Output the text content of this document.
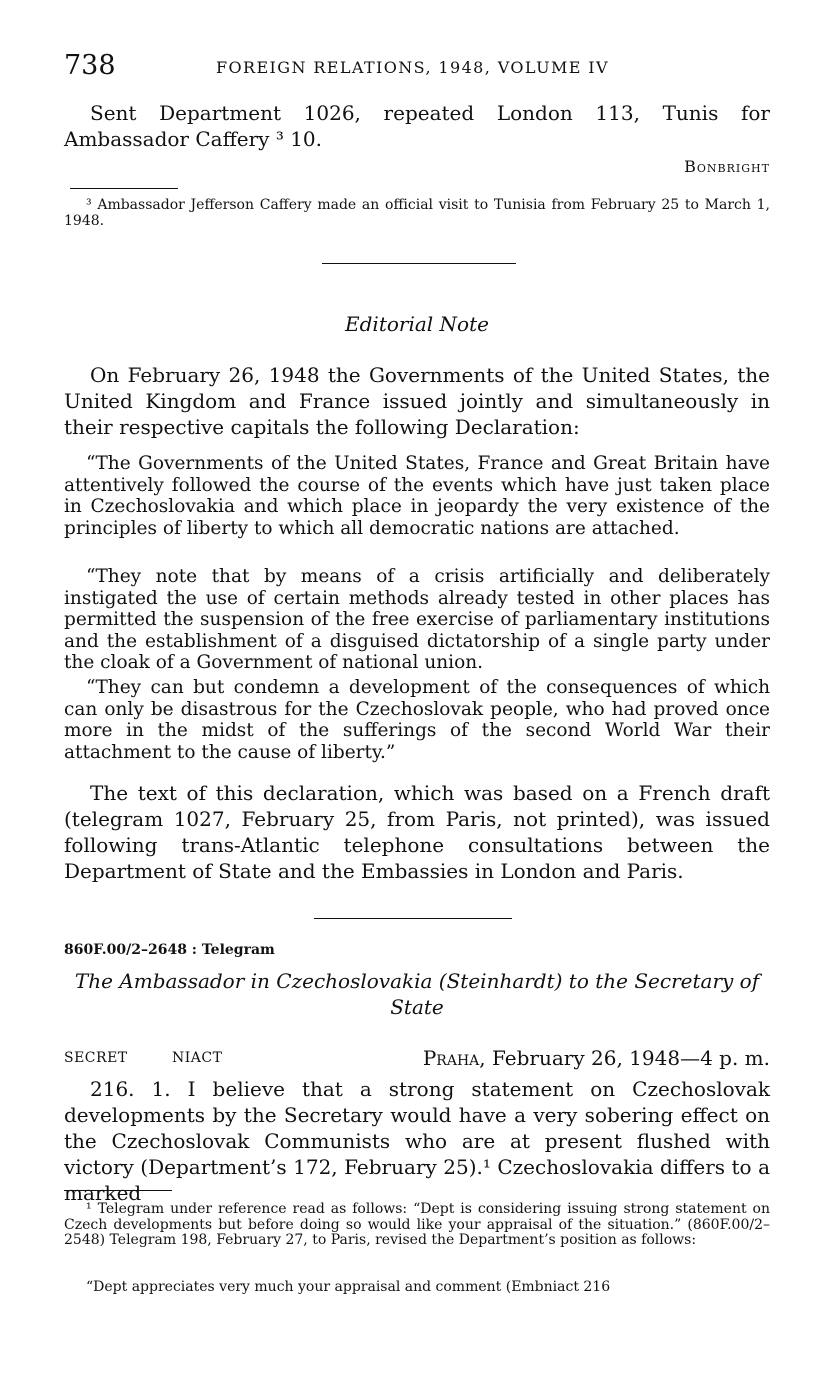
738	FOREIGN RELATIONS, 1948, VOLUME IV

Sent Department 1026, repeated London 113, Tunis for Ambassador Caffery ³ 10.

Bonbright

³ Ambassador Jefferson Caffery made an official visit to Tunisia from February 25 to March 1, 1948.

Editorial Note

On February 26, 1948 the Governments of the United States, the United Kingdom and France issued jointly and simultaneously in their respective capitals the following Declaration:

“The Governments of the United States, France and Great Britain have attentively followed the course of the events which have just taken place in Czechoslovakia and which place in jeopardy the very existence of the principles of liberty to which all democratic nations are attached.

“They note that by means of a crisis artificially and deliberately instigated the use of certain methods already tested in other places has permitted the suspension of the free exercise of parliamentary institutions and the establishment of a disguised dictatorship of a single party under the cloak of a Government of national union.

“They can but condemn a development of the consequences of which can only be disastrous for the Czechoslovak people, who had proved once more in the midst of the sufferings of the second World War their attachment to the cause of liberty.”

The text of this declaration, which was based on a French draft (telegram 1027, February 25, from Paris, not printed), was issued following trans-Atlantic telephone consultations between the Department of State and the Embassies in London and Paris.

860F.00/2–2648 : Telegram
The Ambassador in Czechoslovakia (Steinhardt) to the Secretary of State
SECRET	NIACT	Praha, February 26, 1948—4 p. m.

216. 1. I believe that a strong statement on Czechoslovak developments by the Secretary would have a very sobering effect on the Czechoslovak Communists who are at present flushed with victory (Department’s 172, February 25).¹ Czechoslovakia differs to a marked

¹ Telegram under reference read as follows: “Dept is considering issuing strong statement on Czech developments but before doing so would like your appraisal of the situation.” (860F.00/2–2548) Telegram 198, February 27, to Paris, revised the Department’s position as follows:

“Dept appreciates very much your appraisal and comment (Embniact 216
